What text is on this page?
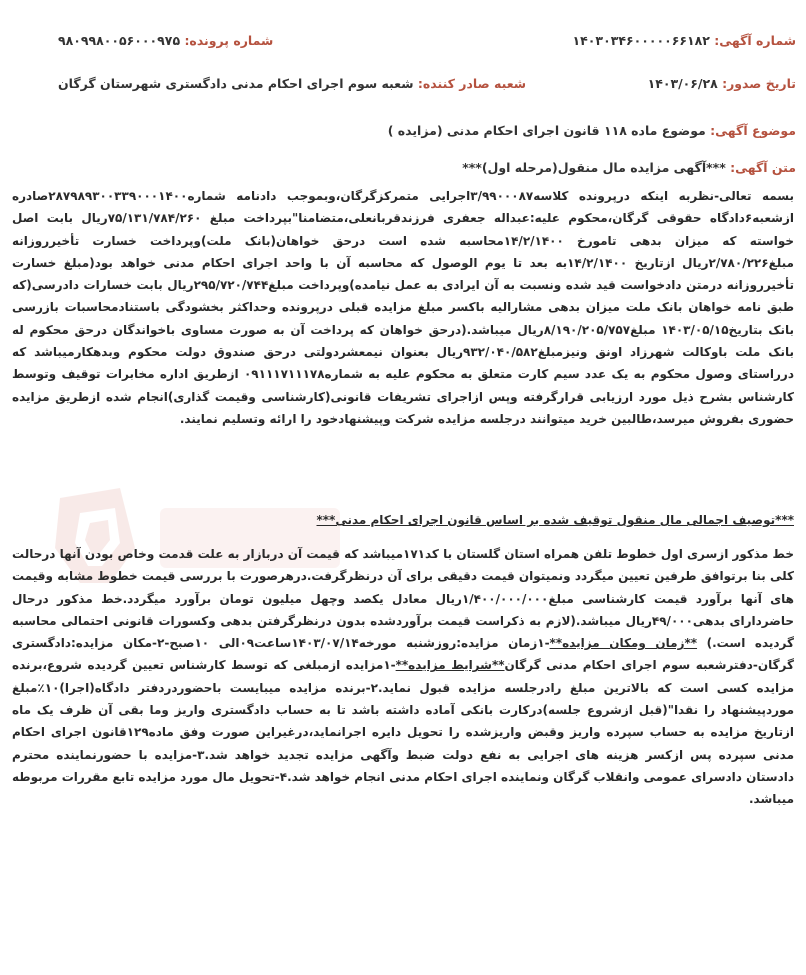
شماره آگهی: ۱۴۰۳۰۳۴۶۰۰۰۰۰۶۶۱۸۲
شماره پرونده: ۹۸۰۹۹۸۰۰۵۶۰۰۰۹۷۵
تاریخ صدور: ۱۴۰۳/۰۶/۲۸
شعبه صادر کننده: شعبه سوم اجرای احکام مدنی دادگستری شهرستان گرگان
موضوع آگهی: موضوع ماده ۱۱۸ قانون اجرای احکام مدنی (مزایده )
متن آگهی: ***آگهی مزایده مال منقول(مرحله اول)***
بسمه تعالی-نظربه اینکه درپرونده کلاسه۳/۹۹۰۰۰۸۷اجرایی متمرکزگرگان،وبموجب دادنامه شماره۲۸۷۹۸۹۳۰۰۳۳۹۰۰۰۱۴۰۰صادره ازشعبه۶دادگاه حقوقی گرگان،محکوم علیه:عبداله جعفری فرزندقربانعلی،متضامنا"بپرداخت مبلغ ۷۵/۱۳۱/۷۸۴/۲۶۰ریال بابت اصل خواسته که میزان بدهی تامورخ ۱۴/۲/۱۴۰۰محاسبه شده است درحق خواهان(بانک ملت)وپرداخت خسارت تأخیرروزانه مبلغ۲/۷۸۰/۲۲۶ریال ازتاریخ ۱۴/۲/۱۴۰۰به بعد تا یوم الوصول که محاسبه آن با واحد اجرای احکام مدنی خواهد بود(مبلغ خسارت تأخیرروزانه درمتن دادخواست قید شده ونسبت به آن ایرادی به عمل نیامده)وپرداخت مبلغ۲۹۵/۷۲۰/۷۴۴ریال بابت خسارات دادرسی(که طبق نامه خواهان بانک ملت میزان بدهی مشارالیه باکسر مبلغ مزایده قبلی درپرونده وحداکثر بخشودگی باستنادمحاسبات بازرسی بانک بتاریخ۱۴۰۳/۰۵/۱۵ مبلغ۸/۱۹۰/۲۰۵/۷۵۷ریال میباشد.(درحق خواهان که پرداخت آن به صورت مساوی باخواندگان درحق محکوم له بانک ملت باوکالت شهرزاد اونق ونیزمبلغ۹۳۲/۰۴۰/۵۸۲ریال بعنوان نیمعشردولتی درحق صندوق دولت محکوم وبدهکارمیباشد که درراستای وصول محکوم به یک عدد سیم کارت متعلق به محکوم علیه به شماره۰۹۱۱۱۷۱۱۱۷۸ ازطریق اداره مخابرات توقیف وتوسط کارشناس بشرح ذیل مورد ارزیابی قرارگرفته وپس ازاجرای تشریفات قانونی(کارشناسی وقیمت گذاری)انجام شده ازطریق مزایده حضوری بفروش میرسد،طالبین خرید میتوانند درجلسه مزایده شرکت وپیشنهادخود را ارائه وتسلیم نمایند.
***توصیف اجمالی مال منقول توقیف شده بر اساس قانون اجرای احکام مدنی***
خط مذکور ازسری اول خطوط تلفن همراه استان گلستان با کد۱۷۱میباشد که قیمت آن دربازار به علت قدمت وخاص بودن آنها درحالت کلی بنا برتوافق طرفین تعیین میگردد ونمیتوان قیمت دقیقی برای آن درنظرگرفت.درهرصورت با بررسی قیمت خطوط مشابه وقیمت های آنها برآورد قیمت کارشناسی مبلغ۱/۴۰۰/۰۰۰/۰۰۰ریال معادل یکصد وچهل میلیون تومان برآورد میگردد.خط مذکور درحال حاضردارای بدهی۴۹/۰۰۰ریال میباشد.(لازم به ذکراست قیمت برآوردشده بدون درنظرگرفتن بدهی وکسورات قانونی احتمالی محاسبه گردیده است.) **زمان ومکان مزایده**-۱زمان مزایده:روزشنبه مورخه۱۴۰۳/۰۷/۱۴ساعت۰۹الی ۱۰صبح-۲-مکان مزایده:دادگستری گرگان-دفترشعبه سوم اجرای احکام مدنی گرگان**شرایط مزایده**-۱مزایده ازمبلغی که توسط کارشناس تعیین گردیده شروع،برنده مزایده کسی است که بالاترین مبلغ رادرجلسه مزایده قبول نماید.۲-برنده مزایده میبایست باحضوردردفتر دادگاه(اجرا)۱۰٪مبلغ موردپیشنهاد را نقدا"(قبل ازشروع جلسه)درکارت بانکی آماده داشته باشد تا به حساب دادگستری واریز وما بقی آن ظرف یک ماه ازتاریخ مزایده به حساب سپرده واریز وقبض واریزشده را تحویل دایره اجرانماید،درغیراین صورت وفق ماده۱۲۹قانون اجرای احکام مدنی سپرده پس ازکسر هزینه های اجرایی به نفع دولت ضبط وآگهی مزایده تجدید خواهد شد.۳-مزایده با حضورنماینده محترم دادستان دادسرای عمومی وانقلاب گرگان ونماینده اجرای احکام مدنی انجام خواهد شد.۴-تحویل مال مورد مزایده تابع مقررات مربوطه میباشد.
